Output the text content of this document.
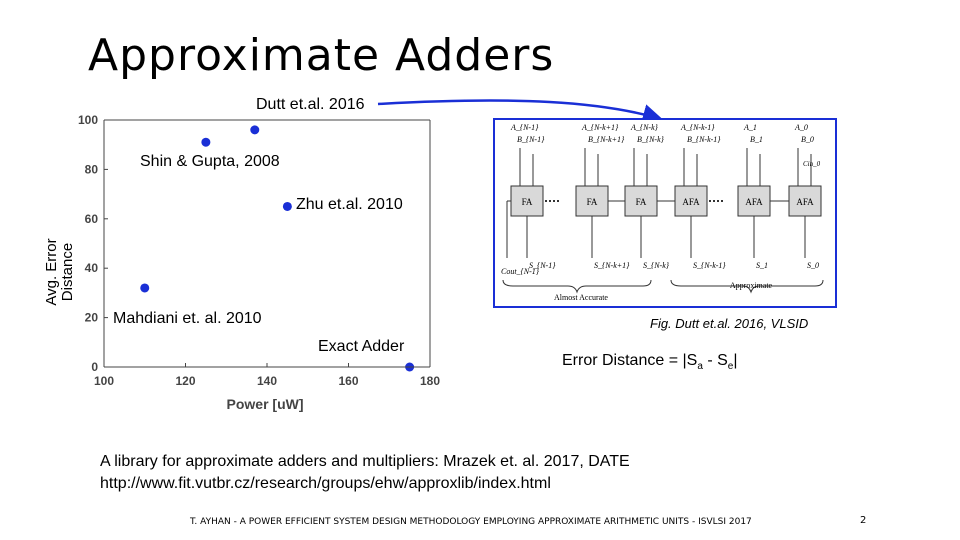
Approximate Adders
100	120	140	160	180
0
20
40
60
80
100
Power [uW]
Avg. Error Distance
Dutt et.al. 2016
Shin & Gupta, 2008
Zhu et.al. 2010
Mahdiani et. al. 2010
Exact Adder
FA
A_{N-1}
B_{N-1}
S_{N-1}
FA
A_{N-k+1}
B_{N-k+1}
S_{N-k+1}
FA
A_{N-k}
B_{N-k}
S_{N-k}
AFA
A_{N-k-1}
B_{N-k-1}
S_{N-k-1}
AFA
A_1
B_1
S_1
AFA
A_0
B_0
S_0
Cin_0
Cout_{N-1}
Almost Accurate
Approximate
Fig. Dutt et.al. 2016, VLSID
Error Distance = $|S_a - S_e|$
A library for approximate adders and multipliers: Mrazek et. al. 2017, DATE
http://www.fit.vutbr.cz/research/groups/ehw/approxlib/index.html
T. AYHAN - A POWER EFFICIENT SYSTEM DESIGN METHODOLOGY EMPLOYING APPROXIMATE ARITHMETIC UNITS - ISVLSI 2017	2
